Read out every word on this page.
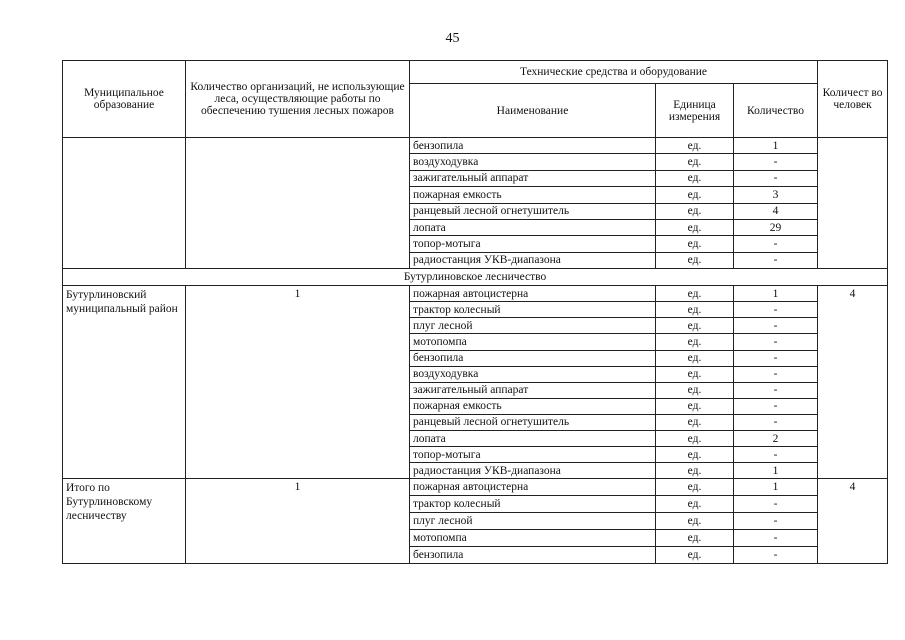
45
Муниципальное образование	Количество организаций, не использующие леса, осуществляющие работы по обеспечению тушения лесных пожаров	Технические средства и оборудование			Количест во человек
		Наименование	Единица измерения	Количество	
		бензопила	ед.	1	
		воздуходувка	ед.	-	
		зажигательный аппарат	ед.	-	
		пожарная емкость	ед.	3	
		ранцевый лесной огнетушитель	ед.	4	
		лопата	ед.	29	
		топор-мотыга	ед.	-	
		радиостанция УКВ-диапазона	ед.	-	
Бутурлиновское лесничество					
Бутурлиновский муниципальный район	1	пожарная автоцистерна	ед.	1	4
		трактор колесный	ед.	-	
		плуг лесной	ед.	-	
		мотопомпа	ед.	-	
		бензопила	ед.	-	
		воздуходувка	ед.	-	
		зажигательный аппарат	ед.	-	
		пожарная емкость	ед.	-	
		ранцевый лесной огнетушитель	ед.	-	
		лопата	ед.	2	
		топор-мотыга	ед.	-	
		радиостанция УКВ-диапазона	ед.	1	
Итого по Бутурлиновскому лесничеству	1	пожарная автоцистерна	ед.	1	4
		трактор колесный	ед.	-	
		плуг лесной	ед.	-	
		мотопомпа	ед.	-	
		бензопила	ед.	-	
